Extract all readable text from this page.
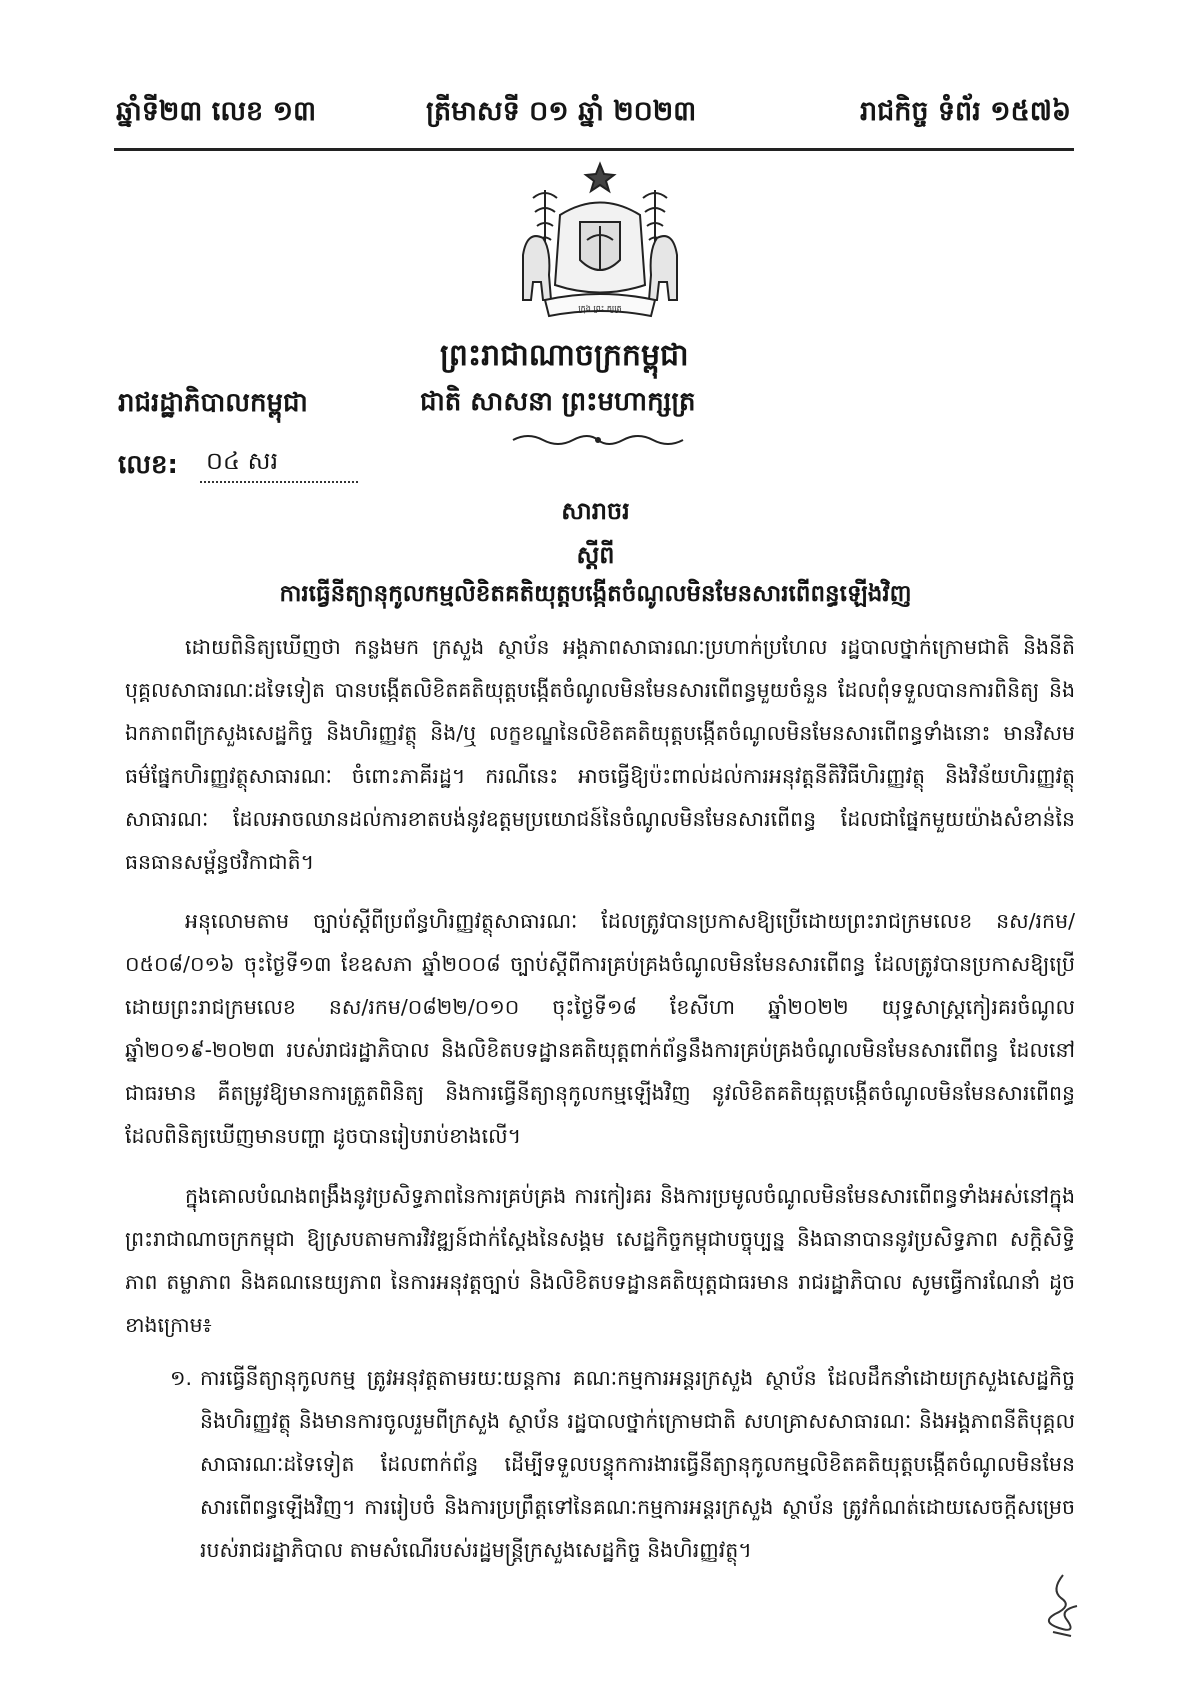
ឆ្នាំទី២៣ លេខ ១៣	ត្រីមាសទី ០១ ឆ្នាំ ២០២៣	រាជកិច្ច ទំព័រ ១៥៧៦
ក្រុង ព្រះ ក្សត្រ
ព្រះរាជាណាចក្រកម្ពុជា
ជាតិ សាសនា ព្រះមហាក្សត្រ
រាជរដ្ឋាភិបាលកម្ពុជា
លេខ: ០៤ សរ
សារាចរ
ស្តីពី
ការធ្វើនីត្យានុកូលកម្មលិខិតគតិយុត្តបង្កើតចំណូលមិនមែនសារពើពន្ធឡើងវិញ

ដោយពិនិត្យឃើញថា កន្លងមក ក្រសួង ស្ថាប័ន អង្គភាពសាធារណៈប្រហាក់ប្រហែល រដ្ឋបាលថ្នាក់ក្រោមជាតិ និងនីតិបុគ្គលសាធារណៈដទៃទៀត បានបង្កើតលិខិតគតិយុត្តបង្កើតចំណូលមិនមែនសារពើពន្ធមួយចំនួន ដែលពុំទទួលបានការពិនិត្យ និងឯកភាពពីក្រសួងសេដ្ឋកិច្ច និងហិរញ្ញវត្ថុ និង/ឬ លក្ខខណ្ឌនៃលិខិតគតិយុត្តបង្កើតចំណូលមិនមែនសារពើពន្ធទាំងនោះ មានវិសមធម៌ផ្នែកហិរញ្ញវត្ថុសាធារណៈ ចំពោះភាគីរដ្ឋ។ ករណីនេះ អាចធ្វើឱ្យប៉ះពាល់ដល់ការអនុវត្តនីតិវិធីហិរញ្ញវត្ថុ និងវិន័យហិរញ្ញវត្ថុសាធារណៈ ដែលអាចឈានដល់ការខាតបង់នូវឧត្តមប្រយោជន៍នៃចំណូលមិនមែនសារពើពន្ធ ដែលជាផ្នែកមួយយ៉ាងសំខាន់នៃធនធានសម្ព័ន្ធថវិកាជាតិ។

អនុលោមតាម ច្បាប់ស្តីពីប្រព័ន្ធហិរញ្ញវត្ថុសាធារណៈ ដែលត្រូវបានប្រកាសឱ្យប្រើដោយព្រះរាជក្រមលេខ នស/រកម/០៥០៨/០១៦ ចុះថ្ងៃទី១៣ ខែឧសភា ឆ្នាំ២០០៨ ច្បាប់ស្តីពីការគ្រប់គ្រងចំណូលមិនមែនសារពើពន្ធ ដែលត្រូវបានប្រកាសឱ្យប្រើដោយព្រះរាជក្រមលេខ នស/រកម/០៨២២/០១០ ចុះថ្ងៃទី១៨ ខែសីហា ឆ្នាំ២០២២ យុទ្ធសាស្ត្រកៀរគរចំណូលឆ្នាំ២០១៩-២០២៣ របស់រាជរដ្ឋាភិបាល និងលិខិតបទដ្ឋានគតិយុត្តពាក់ព័ន្ធនឹងការគ្រប់គ្រងចំណូលមិនមែនសារពើពន្ធ ដែលនៅជាធរមាន គឺតម្រូវឱ្យមានការត្រួតពិនិត្យ និងការធ្វើនីត្យានុកូលកម្មឡើងវិញ នូវលិខិតគតិយុត្តបង្កើតចំណូលមិនមែនសារពើពន្ធ ដែលពិនិត្យឃើញមានបញ្ហា ដូចបានរៀបរាប់ខាងលើ។

ក្នុងគោលបំណងពង្រឹងនូវប្រសិទ្ធភាពនៃការគ្រប់គ្រង ការកៀរគរ និងការប្រមូលចំណូលមិនមែនសារពើពន្ធទាំងអស់នៅក្នុងព្រះរាជាណាចក្រកម្ពុជា ឱ្យស្របតាមការវិវឌ្ឍន៍ជាក់ស្តែងនៃសង្គម សេដ្ឋកិច្ចកម្ពុជាបច្ចុប្បន្ន និងធានាបាននូវប្រសិទ្ធភាព សក្តិសិទ្ធិភាព តម្លាភាព និងគណនេយ្យភាព នៃការអនុវត្តច្បាប់ និងលិខិតបទដ្ឋានគតិយុត្តជាធរមាន រាជរដ្ឋាភិបាល សូមធ្វើការណែនាំ ដូចខាងក្រោម៖

១. ការធ្វើនីត្យានុកូលកម្ម ត្រូវអនុវត្តតាមរយៈយន្តការ គណៈកម្មការអន្តរក្រសួង ស្ថាប័ន ដែលដឹកនាំដោយក្រសួងសេដ្ឋកិច្ច និងហិរញ្ញវត្ថុ និងមានការចូលរួមពីក្រសួង ស្ថាប័ន រដ្ឋបាលថ្នាក់ក្រោមជាតិ សហគ្រាសសាធារណៈ និងអង្គភាពនីតិបុគ្គលសាធារណៈដទៃទៀត ដែលពាក់ព័ន្ធ ដើម្បីទទួលបន្ទុកការងារធ្វើនីត្យានុកូលកម្មលិខិតគតិយុត្តបង្កើតចំណូលមិនមែនសារពើពន្ធឡើងវិញ។ ការរៀបចំ និងការប្រព្រឹត្តទៅនៃគណៈកម្មការអន្តរក្រសួង ស្ថាប័ន ត្រូវកំណត់ដោយសេចក្តីសម្រេចរបស់រាជរដ្ឋាភិបាល តាមសំណើរបស់រដ្ឋមន្ត្រីក្រសួងសេដ្ឋកិច្ច និងហិរញ្ញវត្ថុ។
